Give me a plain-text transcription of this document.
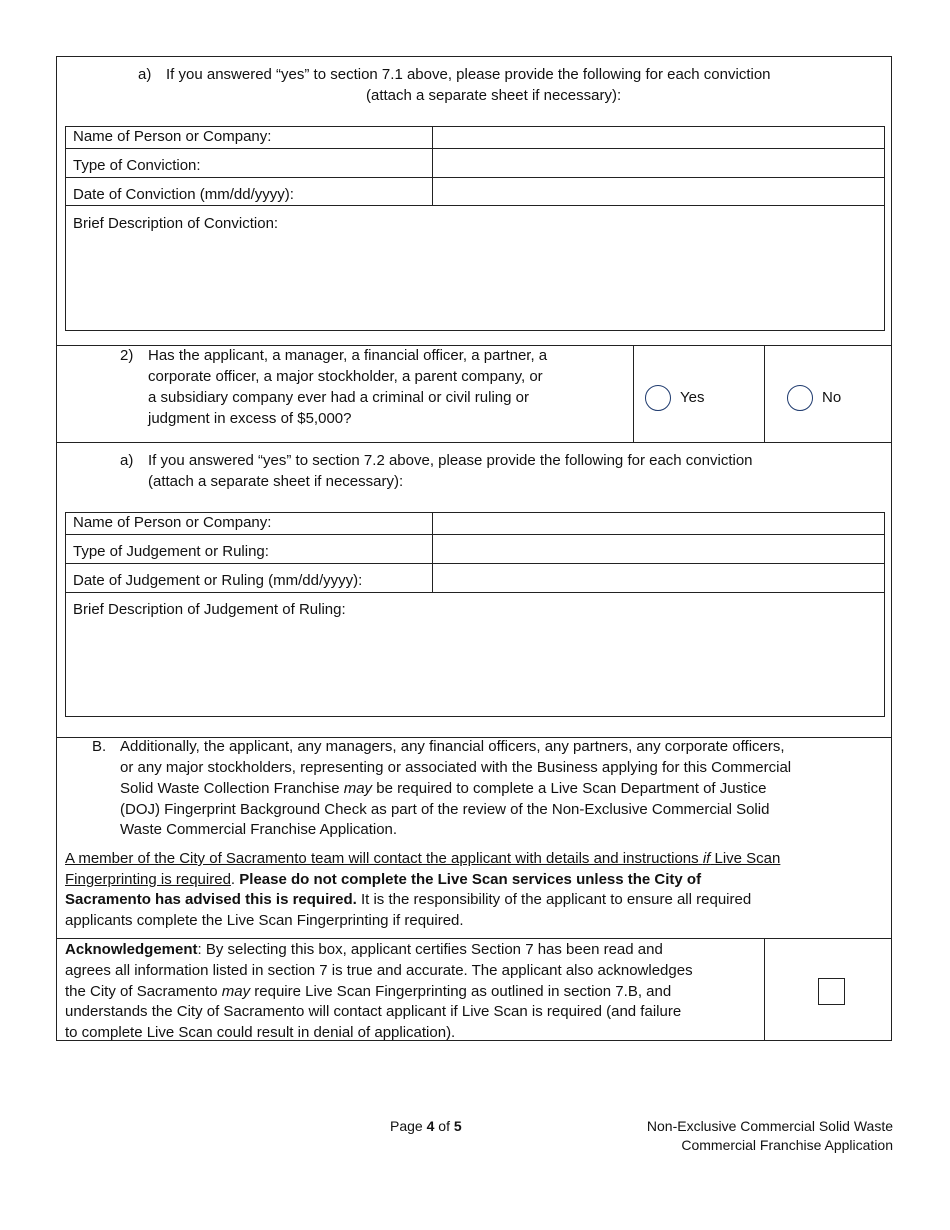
a) If you answered “yes” to section 7.1 above, please provide the following for each conviction
(attach a separate sheet if necessary):
Name of Person or Company:
Type of Conviction:
Date of Conviction (mm/dd/yyyy):
Brief Description of Conviction:
2) Has the applicant, a manager, a financial officer, a partner, a
corporate officer, a major stockholder, a parent company, or
a subsidiary company ever had a criminal or civil ruling or
judgment in excess of $5,000?
Yes	No
a) If you answered “yes” to section 7.2 above, please provide the following for each conviction
(attach a separate sheet if necessary):
Name of Person or Company:
Type of Judgement or Ruling:
Date of Judgement or Ruling (mm/dd/yyyy):
Brief Description of Judgement of Ruling:
B. Additionally, the applicant, any managers, any financial officers, any partners, any corporate officers,
or any major stockholders, representing or associated with the Business applying for this Commercial
Solid Waste Collection Franchise may be required to complete a Live Scan Department of Justice
(DOJ) Fingerprint Background Check as part of the review of the Non-Exclusive Commercial Solid
Waste Commercial Franchise Application.
A member of the City of Sacramento team will contact the applicant with details and instructions if Live Scan
Fingerprinting is required. Please do not complete the Live Scan services unless the City of
Sacramento has advised this is required. It is the responsibility of the applicant to ensure all required
applicants complete the Live Scan Fingerprinting if required.
Acknowledgement: By selecting this box, applicant certifies Section 7 has been read and
agrees all information listed in section 7 is true and accurate. The applicant also acknowledges
the City of Sacramento may require Live Scan Fingerprinting as outlined in section 7.B, and
understands the City of Sacramento will contact applicant if Live Scan is required (and failure
to complete Live Scan could result in denial of application).
Page 4 of 5	Non-Exclusive Commercial Solid Waste
Commercial Franchise Application
